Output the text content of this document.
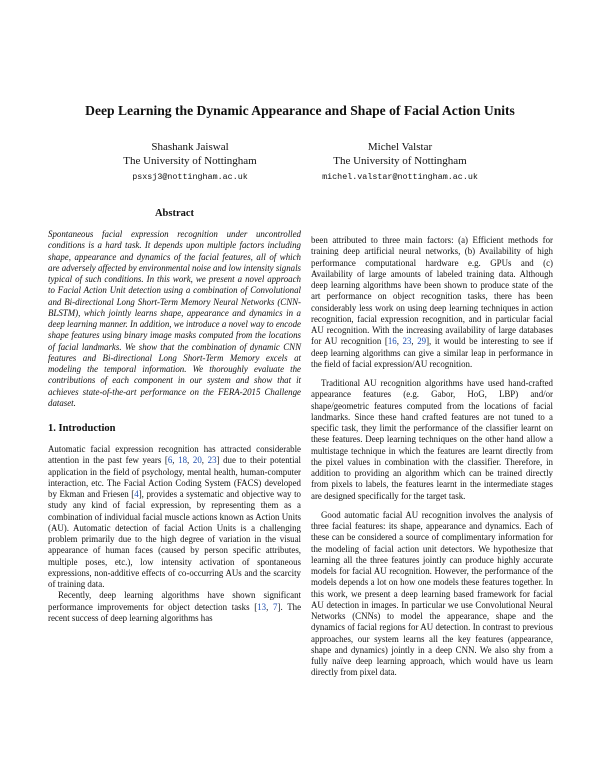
Deep Learning the Dynamic Appearance and Shape of Facial Action Units
Shashank Jaiswal
The University of Nottingham
psxsj3@nottingham.ac.uk
Michel Valstar
The University of Nottingham
michel.valstar@nottingham.ac.uk
Abstract

Spontaneous facial expression recognition under uncontrolled conditions is a hard task. It depends upon multiple factors including shape, appearance and dynamics of the facial features, all of which are adversely affected by environmental noise and low intensity signals typical of such conditions. In this work, we present a novel approach to Facial Action Unit detection using a combination of Convolutional and Bi-directional Long Short-Term Memory Neural Networks (CNN-BLSTM), which jointly learns shape, appearance and dynamics in a deep learning manner. In addition, we introduce a novel way to encode shape features using binary image masks computed from the locations of facial landmarks. We show that the combination of dynamic CNN features and Bi-directional Long Short-Term Memory excels at modeling the temporal information. We thoroughly evaluate the contributions of each component in our system and show that it achieves state-of-the-art performance on the FERA-2015 Challenge dataset.

1. Introduction

Automatic facial expression recognition has attracted considerable attention in the past few years [6, 18, 20, 23] due to their potential application in the field of psychology, mental health, human-computer interaction, etc. The Facial Action Coding System (FACS) developed by Ekman and Friesen [4], provides a systematic and objective way to study any kind of facial expression, by representing them as a combination of individual facial muscle actions known as Action Units (AU). Automatic detection of facial Action Units is a challenging problem primarily due to the high degree of variation in the visual appearance of human faces (caused by person specific attributes, multiple poses, etc.), low intensity activation of spontaneous expressions, non-additive effects of co-occurring AUs and the scarcity of training data.

Recently, deep learning algorithms have shown significant performance improvements for object detection tasks [13, 7]. The recent success of deep learning algorithms has

been attributed to three main factors: (a) Efficient methods for training deep artificial neural networks, (b) Availability of high performance computational hardware e.g. GPUs and (c) Availability of large amounts of labeled training data. Although deep learning algorithms have been shown to produce state of the art performance on object recognition tasks, there has been considerably less work on using deep learning techniques in action recognition, facial expression recognition, and in particular facial AU recognition. With the increasing availability of large databases for AU recognition [16, 23, 29], it would be interesting to see if deep learning algorithms can give a similar leap in performance in the field of facial expression/AU recognition.

Traditional AU recognition algorithms have used hand-crafted appearance features (e.g. Gabor, HoG, LBP) and/or shape/geometric features computed from the locations of facial landmarks. Since these hand crafted features are not tuned to a specific task, they limit the performance of the classifier learnt on these features. Deep learning techniques on the other hand allow a multistage technique in which the features are learnt directly from the pixel values in combination with the classifier. Therefore, in addition to providing an algorithm which can be trained directly from pixels to labels, the features learnt in the intermediate stages are designed specifically for the target task.

Good automatic facial AU recognition involves the analysis of three facial features: its shape, appearance and dynamics. Each of these can be considered a source of complimentary information for the modeling of facial action unit detectors. We hypothesize that learning all the three features jointly can produce highly accurate models for facial AU recognition. However, the performance of the models depends a lot on how one models these features together. In this work, we present a deep learning based framework for facial AU detection in images. In particular we use Convolutional Neural Networks (CNNs) to model the appearance, shape and the dynamics of facial regions for AU detection. In contrast to previous approaches, our system learns all the key features (appearance, shape and dynamics) jointly in a deep CNN. We also shy from a fully naïve deep learning approach, which would have us learn directly from pixel data.
